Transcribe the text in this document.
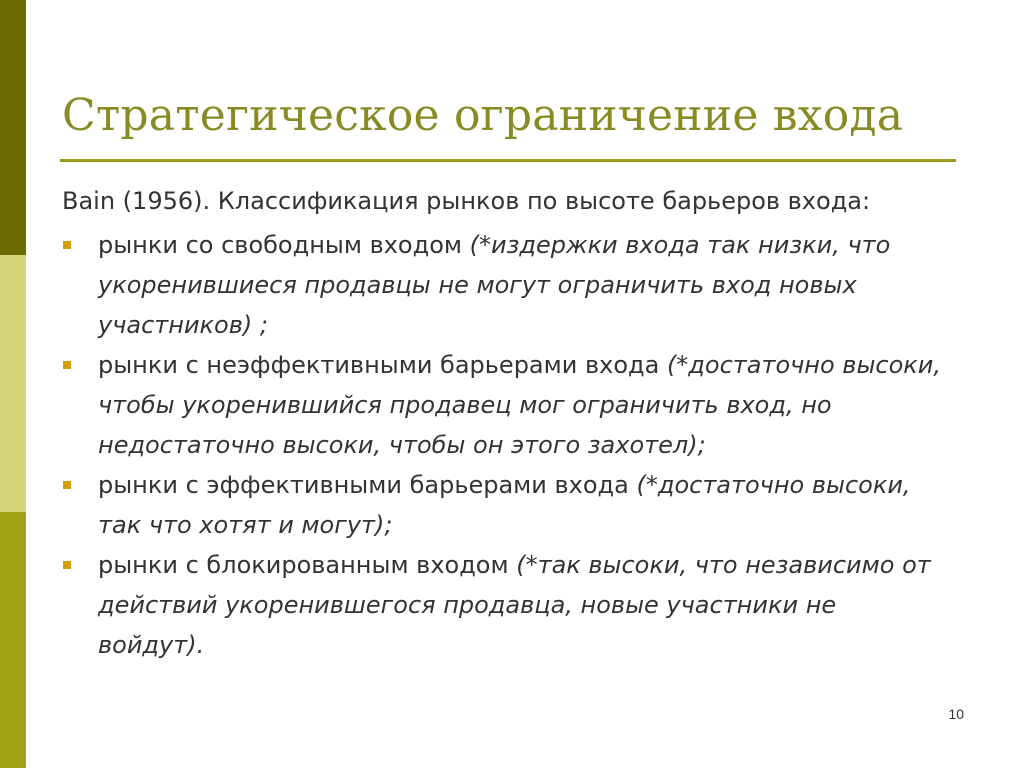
Стратегическое ограничение входа

Bain (1956). Классификация рынков по высоте барьеров входа:

рынки со свободным входом (*издержки входа так низки, что укоренившиеся продавцы не могут ограничить вход новых участников) ;
рынки с неэффективными барьерами входа (*достаточно высоки, чтобы укоренившийся продавец мог ограничить вход, но недостаточно высоки, чтобы он этого захотел);
рынки с эффективными барьерами входа (*достаточно высоки, так что хотят и могут);
рынки с блокированным входом (*так высоки, что независимо от действий укоренившегося продавца, новые участники не войдут).
10
